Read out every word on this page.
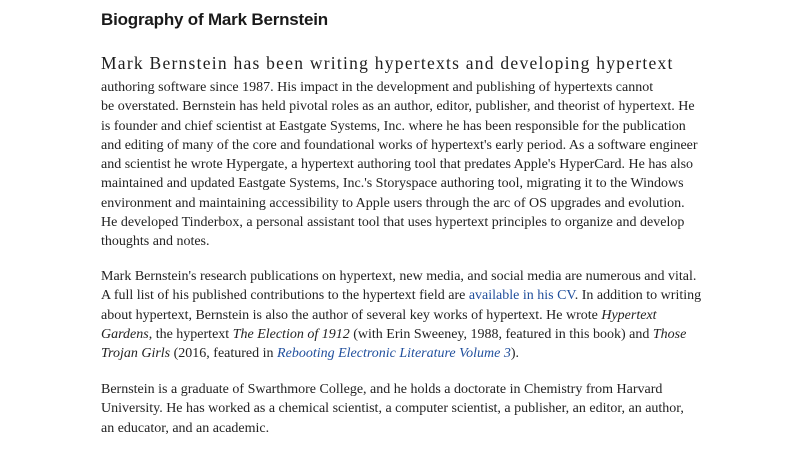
Biography of Mark Bernstein

Mark Bernstein has been writing hypertexts and developing hypertext

authoring software since 1987. His impact in the development and publishing of hypertexts cannot
be overstated. Bernstein has held pivotal roles as an author, editor, publisher, and theorist of hypertext. He
is founder and chief scientist at Eastgate Systems, Inc. where he has been responsible for the publication
and editing of many of the core and foundational works of hypertext's early period. As a software engineer
and scientist he wrote Hypergate, a hypertext authoring tool that predates Apple's HyperCard. He has also
maintained and updated Eastgate Systems, Inc.'s Storyspace authoring tool, migrating it to the Windows
environment and maintaining accessibility to Apple users through the arc of OS upgrades and evolution.
He developed Tinderbox, a personal assistant tool that uses hypertext principles to organize and develop
thoughts and notes.

Mark Bernstein's research publications on hypertext, new media, and social media are numerous and vital.
A full list of his published contributions to the hypertext field are available in his CV. In addition to writing
about hypertext, Bernstein is also the author of several key works of hypertext. He wrote Hypertext
Gardens, the hypertext The Election of 1912 (with Erin Sweeney, 1988, featured in this book) and Those
Trojan Girls (2016, featured in Rebooting Electronic Literature Volume 3).

Bernstein is a graduate of Swarthmore College, and he holds a doctorate in Chemistry from Harvard
University. He has worked as a chemical scientist, a computer scientist, a publisher, an editor, an author,
an educator, and an academic.
